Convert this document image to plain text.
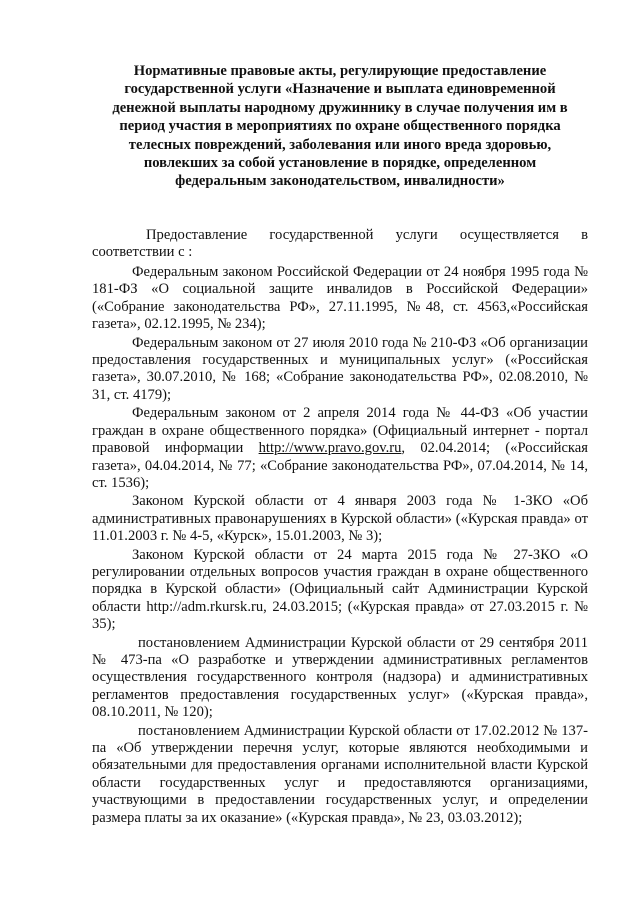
Нормативные правовые акты, регулирующие предоставление
государственной услуги «Назначение и выплата единовременной
денежной выплаты народному дружиннику в случае получения им в
период участия в мероприятиях по охране общественного порядка
телесных повреждений, заболевания или иного вреда здоровью,
повлекших за собой установление в порядке, определенном
федеральным законодательством, инвалидности»

Предоставление государственной услуги осуществляется в

соответствии с :

Федеральным законом Российской Федерации от 24 ноября 1995 года № 181-ФЗ «О социальной защите инвалидов в Российской Федерации» («Собрание законодательства РФ», 27.11.1995, №48, ст. 4563,«Российская газета», 02.12.1995, № 234);

Федеральным законом от 27 июля 2010 года № 210-ФЗ «Об организации предоставления государственных и муниципальных услуг» («Российская газета», 30.07.2010, № 168; «Собрание законодательства РФ», 02.08.2010, № 31, ст. 4179);

Федеральным законом от 2 апреля 2014 года № 44-ФЗ «Об участии граждан в охране общественного порядка» (Официальный интернет - портал правовой информации http://www.pravo.gov.ru, 02.04.2014; («Российская газета», 04.04.2014, № 77; «Собрание законодательства РФ», 07.04.2014, № 14, ст. 1536);

Законом Курской области от 4 января 2003 года № 1-ЗКО «Об административных правонарушениях в Курской области» («Курская правда» от 11.01.2003 г. № 4-5, «Курск», 15.01.2003, № 3);

Законом Курской области от 24 марта 2015 года № 27-ЗКО «О регулировании отдельных вопросов участия граждан в охране общественного порядка в Курской области» (Официальный сайт Администрации Курской области http://adm.rkursk.ru, 24.03.2015; («Курская правда» от 27.03.2015 г. № 35);

постановлением Администрации Курской области от 29 сентября 2011 № 473-па «О разработке и утверждении административных регламентов осуществления государственного контроля (надзора) и административных регламентов предоставления государственных услуг» («Курская правда», 08.10.2011, № 120);

постановлением Администрации Курской области от 17.02.2012 № 137-па «Об утверждении перечня услуг, которые являются необходимыми и обязательными для предоставления органами исполнительной власти Курской области государственных услуг и предоставляются организациями, участвующими в предоставлении государственных услуг, и определении размера платы за их оказание» («Курская правда», № 23, 03.03.2012);
